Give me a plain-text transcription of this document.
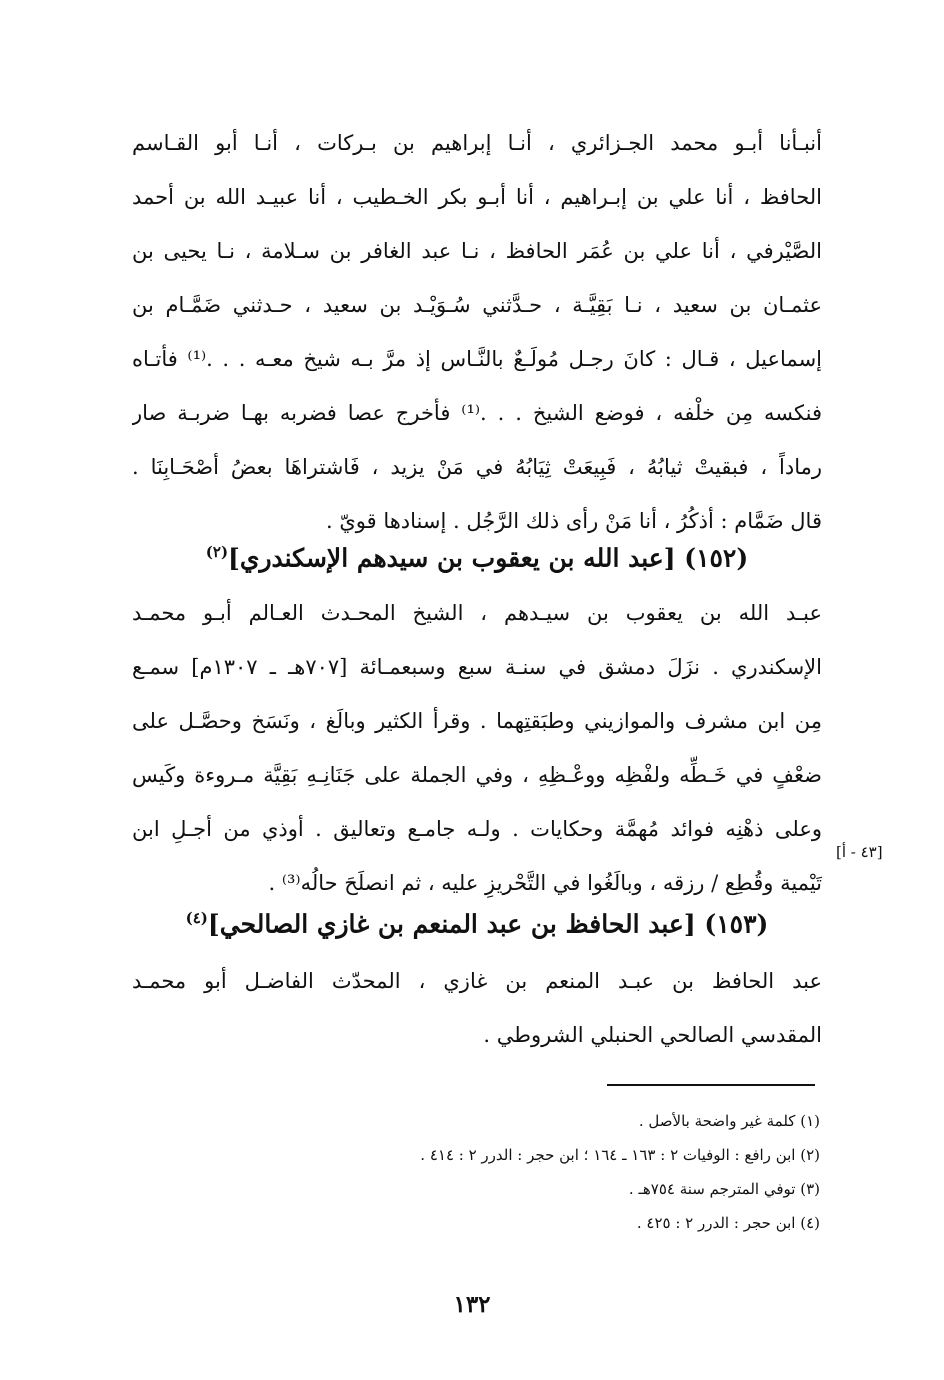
أنبـأنا أبـو محمد الجـزائري ، أنـا إبراهيم بن بـركات ، أنـا أبو القـاسم
الحافظ ، أنا علي بن إبـراهيم ، أنا أبـو بكر الخـطيب ، أنا عبيـد الله بن أحمد
الصَّيْرفي ، أنا علي بن عُمَر الحافظ ، نـا عبد الغافر بن سـلامة ، نـا يحيى بن
عثمـان بن سعيد ، نـا بَقِيَّـة ، حـدَّثني سُـوَيْـد بن سعيد ، حـدثني ضَمَّـام بن
إسماعيل ، قـال : كانَ رجـل مُولَـعٌ بالنَّـاس إذ مرَّ بـه شيخ معـه . . .⁽¹⁾ فأتـاه
فنكسه مِن خلْفه ، فوضع الشيخ . . .⁽¹⁾ فأخرج عصا فضربه بهـا ضربـة صار
رماداً ، فبقيتْ ثيابُهُ ، فَبِيعَتْ ثِيَابُهُ في مَنْ يزيد ، فَاشتراهَا بعضُ أصْحَـابِنَا .
قال ضَمَّام : أذكُرُ ، أنا مَنْ رأى ذلك الرَّجُل . إسنادها قويّ .
(١٥٢) [عبد الله بن يعقوب بن سيدهم الإسكندري]$^{(٢)}$
عبـد الله بن يعقوب بن سيـدهم ، الشيخ المحـدث العـالم أبـو محمـد
الإسكندري . نزَلَ دمشق في سنـة سبع وسبعمـائة [٧٠٧هـ ـ ١٣٠٧م] سمـع
مِن ابن مشرف والموازيني وطبَقتِهما . وقرأ الكثير وبالَغ ، ونَسَخ وحصَّـل على
ضعْفٍ في خَـطِّه ولفْظِه ووعْـظِهِ ، وفي الجملة على جَنَانِـهِ بَقِيَّة مـروءة وكَيس
وعلى ذهْنِه فوائد مُهمَّة وحكايات . ولـه جامـع وتعاليق . أوذي من أجـلِ ابن
تَيْمية وقُطِع / رزقه ، وبالَغُوا في التَّحْريزِ عليه ، ثم انصلَحَ حالُه⁽³⁾ .
[٤٣ - أ]
(١٥٣) [عبد الحافظ بن عبد المنعم بن غازي الصالحي]$^{(٤)}$
عبد الحافظ بن عبـد المنعم بن غازي ، المحدّث الفاضـل أبو محمـد
المقدسي الصالحي الحنبلي الشروطي .
(١) كلمة غير واضحة بالأصل .
(٢) ابن رافع : الوفيات ٢ : ١٦٣ ـ ١٦٤ ؛ ابن حجر : الدرر ٢ : ٤١٤ .
(٣) توفي المترجم سنة ٧٥٤هـ .
(٤) ابن حجر : الدرر ٢ : ٤٢٥ .
١٣٢
